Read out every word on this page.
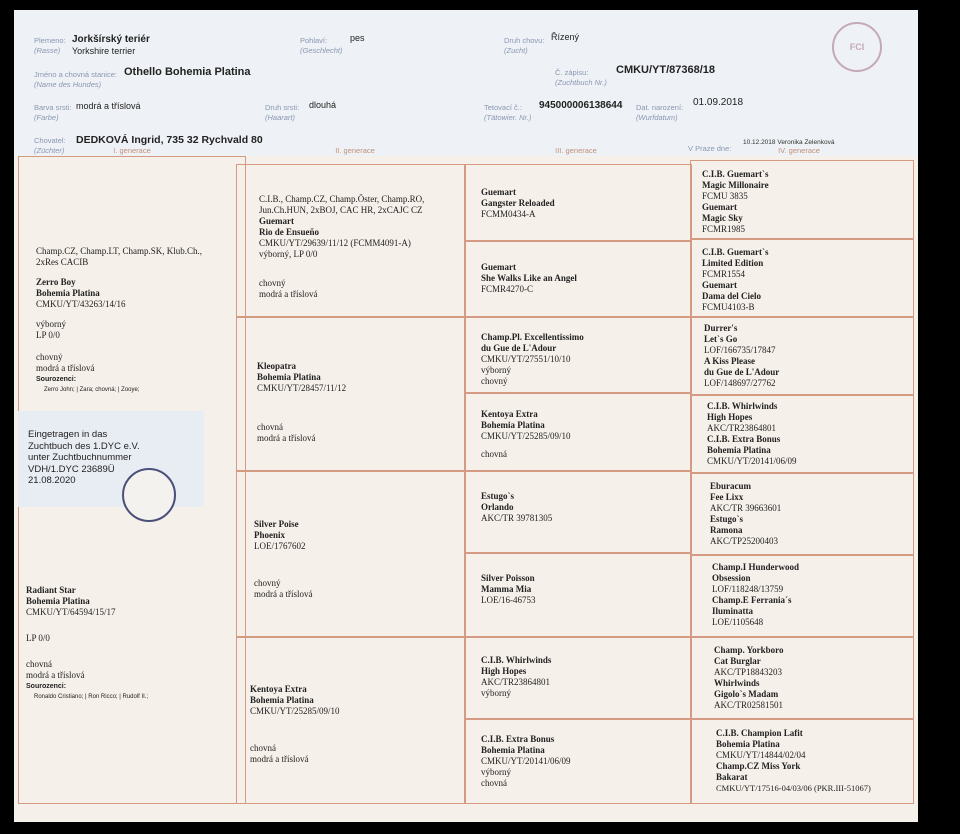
Plemeno:
(Rasse)
Jorkšírský teriér
Yorkshire terrier
Pohlaví:
(Geschlecht)
pes	Druh chovu:
(Zucht)
Řízený
Jméno a chovná stanice:
(Name des Hundes)
Othello Bohemia Platina	Č. zápisu:
(Zuchtbuch Nr.)
CMKU/YT/87368/18
Barva srsti:
(Farbe)
modrá a tříslová	Druh srsti:
(Haarart)
dlouhá	Tetovací č.:
(Tätowier. Nr.)
945000006138644 Dat. narození:
(Wurfdatum)
01.09.2018
Chovatel:
(Züchter)
DEDKOVÁ Ingrid, 735 32 Rychvald 80
V Praze dne:
10.12.2018 Veronika Zelenková
FCI
I. generace	II. generace	III. generace	IV. generace
Champ.CZ, Champ.LT, Champ.SK, Klub.Ch., 2xRes CACIB
Zerro Boy
Bohemia Platina
CMKU/YT/43263/14/16
výborný
LP 0/0
chovný
modrá a tříslová
Sourozenci:
Zerro John; | Zara; chovná; | Zooye;
Eingetragen in das
Zuchtbuch des 1.DYC e.V.
unter Zuchtbuchnummer
VDH/1.DYC 23689Ü
21.08.2020
Radiant Star
Bohemia Platina
CMKU/YT/64594/15/17
LP 0/0
chovná
modrá a tříslová
Sourozenci:
Ronaldo Cristiano; | Ron Ricco; | Rudolf II.;
C.I.B., Champ.CZ, Champ.Öster, Champ.RO, Jun.Ch.HUN, 2xBOJ, CAC HR, 2xCAJC CZ
Guemart
Rio de Ensueño
CMKU/YT/29639/11/12 (FCMM4091-A)
výborný, LP 0/0
chovný
modrá a tříslová
Kleopatra
Bohemia Platina
CMKU/YT/28457/11/12
chovná
modrá a tříslová
Silver Poise
Phoenix
LOE/1767602
chovný
modrá a tříslová
Kentoya Extra
Bohemia Platina
CMKU/YT/25285/09/10
chovná
modrá a tříslová
Guemart
Gangster Reloaded
FCMM0434-A
Guemart
She Walks Like an Angel
FCMR4270-C
Champ.Pl. Excellentissimo
du Gue de L'Adour
CMKU/YT/27551/10/10
výborný
chovný
Kentoya Extra
Bohemia Platina
CMKU/YT/25285/09/10
chovná
Estugo`s
Orlando
AKC/TR 39781305
Silver Poisson
Mamma Mia
LOE/16-46753
C.I.B. Whirlwinds
High Hopes
AKC/TR23864801
výborný
C.I.B. Extra Bonus
Bohemia Platina
CMKU/YT/20141/06/09
výborný
chovná
C.I.B. Guemart`s
Magic Millonaire
FCMU 3835
Guemart
Magic Sky
FCMR1985
C.I.B. Guemart`s
Limited Edition
FCMR1554
Guemart
Dama del Cielo
FCMU4103-B
Durrer's
Let`s Go
LOF/166735/17847
A Kiss Please
du Gue de L'Adour
LOF/148697/27762
C.I.B. Whirlwinds
High Hopes
AKC/TR23864801
C.I.B. Extra Bonus
Bohemia Platina
CMKU/YT/20141/06/09
Eburacum
Fee Lixx
AKC/TR 39663601
Estugo`s
Ramona
AKC/TP25200403
Champ.I Hunderwood
Obsession
LOF/118248/13759
Champ.E Ferrania´s
Iluminatta
LOE/1105648
Champ. Yorkboro
Cat Burglar
AKC/TP18843203
Whirlwinds
Gigolo`s Madam
AKC/TR02581501
C.I.B. Champion Lafit
Bohemia Platina
CMKU/YT/14844/02/04
Champ.CZ Miss York
Bakarat
CMKU/YT/17516-04/03/06 (PKR.III-51067)
